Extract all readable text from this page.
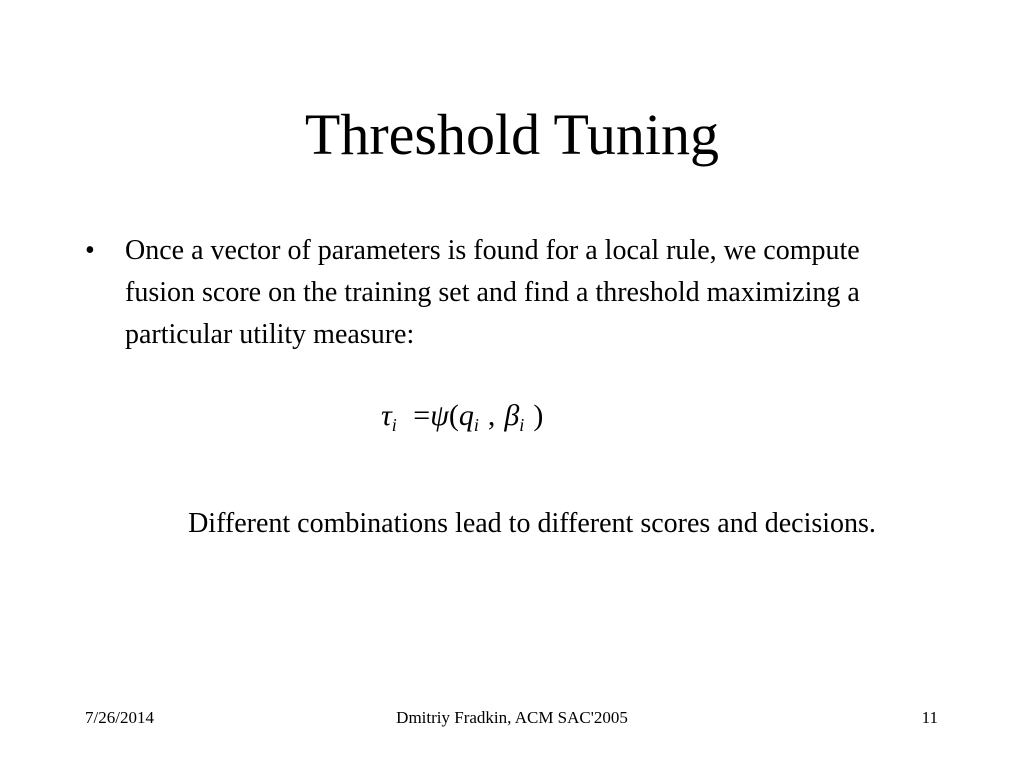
Threshold Tuning
• Once a vector of parameters is found for a local rule, we compute fusion score on the training set and find a threshold maximizing a particular utility measure:
$\tau_i =\psi(q_i$ , $\beta_i$ )
Different combinations lead to different scores and decisions.
7/26/2014	Dmitriy Fradkin, ACM SAC'2005	11
